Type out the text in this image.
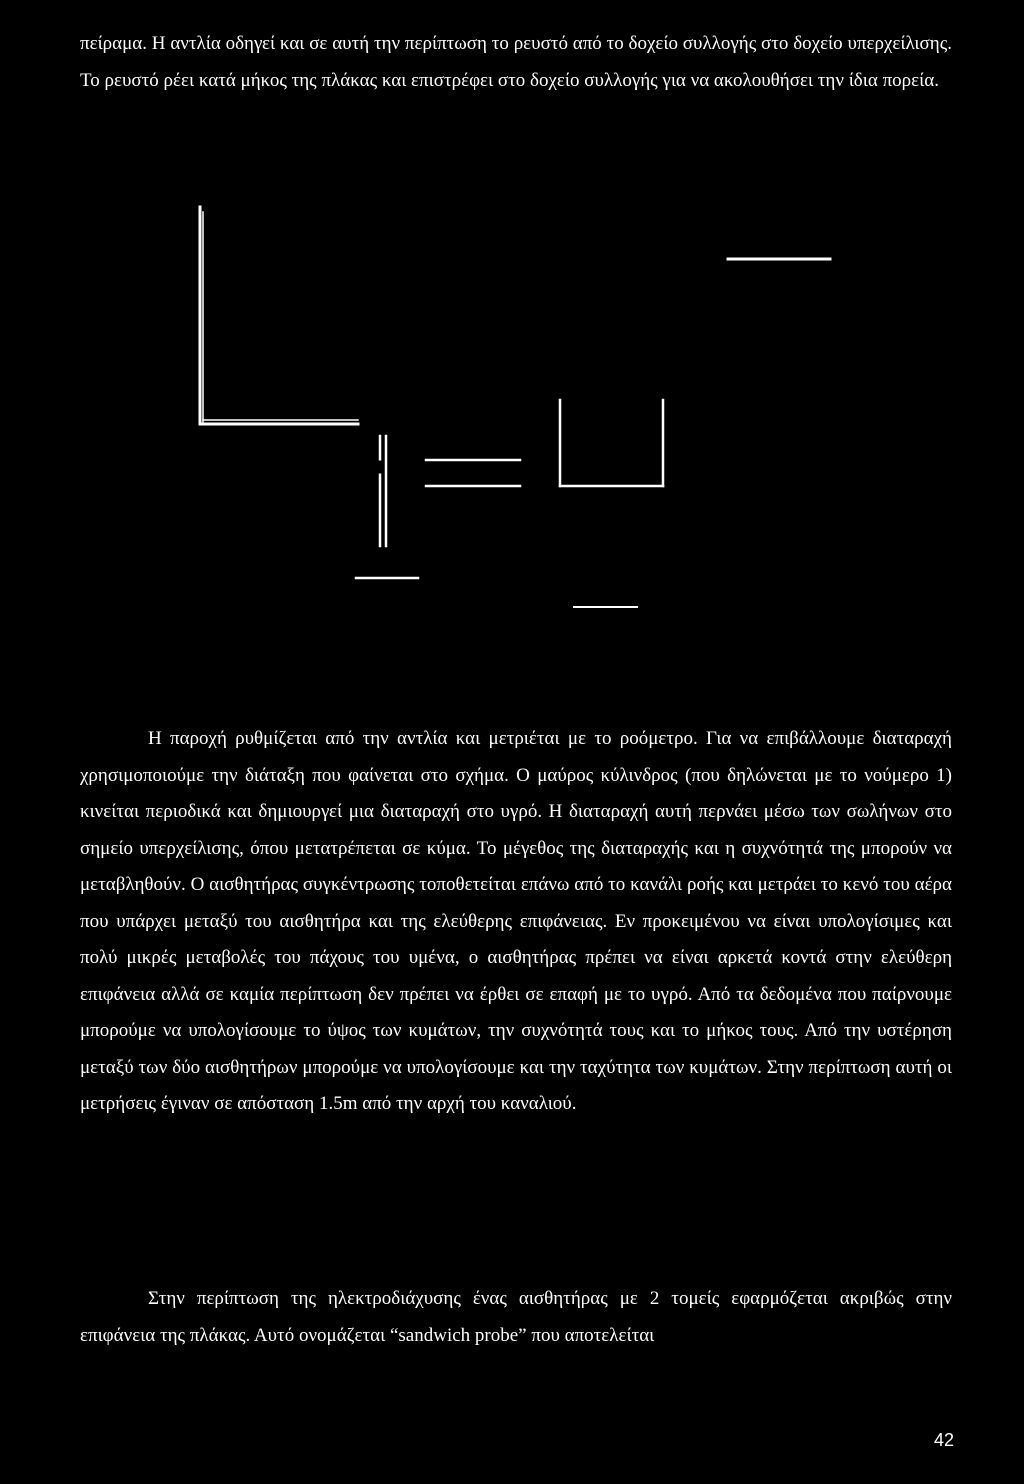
πείραμα. Η αντλία οδηγεί και σε αυτή την περίπτωση το ρευστό από το δοχείο συλλογής στο δοχείο υπερχείλισης. Το ρευστό ρέει κατά μήκος της πλάκας και επιστρέφει στο δοχείο συλλογής για να ακολουθήσει την ίδια πορεία.

Η παροχή ρυθμίζεται από την αντλία και μετριέται με το ροόμετρο. Για να επιβάλλουμε διαταραχή χρησιμοποιούμε την διάταξη που φαίνεται στο σχήμα. Ο μαύρος κύλινδρος (που δηλώνεται με το νούμερο 1) κινείται περιοδικά και δημιουργεί μια διαταραχή στο υγρό. Η διαταραχή αυτή περνάει μέσω των σωλήνων στο σημείο υπερχείλισης, όπου μετατρέπεται σε κύμα. Το μέγεθος της διαταραχής και η συχνότητά της μπορούν να μεταβληθούν. Ο αισθητήρας συγκέντρωσης τοποθετείται επάνω από το κανάλι ροής και μετράει το κενό του αέρα που υπάρχει μεταξύ του αισθητήρα και της ελεύθερης επιφάνειας. Εν προκειμένου να είναι υπολογίσιμες και πολύ μικρές μεταβολές του πάχους του υμένα, ο αισθητήρας πρέπει να είναι αρκετά κοντά στην ελεύθερη επιφάνεια αλλά σε καμία περίπτωση δεν πρέπει να έρθει σε επαφή με το υγρό. Από τα δεδομένα που παίρνουμε μπορούμε να υπολογίσουμε το ύψος των κυμάτων, την συχνότητά τους και το μήκος τους. Από την υστέρηση μεταξύ των δύο αισθητήρων μπορούμε να υπολογίσουμε και την ταχύτητα των κυμάτων. Στην περίπτωση αυτή οι μετρήσεις έγιναν σε απόσταση 1.5m από την αρχή του καναλιού.

Στην περίπτωση της ηλεκτροδιάχυσης ένας αισθητήρας με 2 τομείς εφαρμόζεται ακριβώς στην επιφάνεια της πλάκας. Αυτό ονομάζεται “sandwich probe” που αποτελείται

42
